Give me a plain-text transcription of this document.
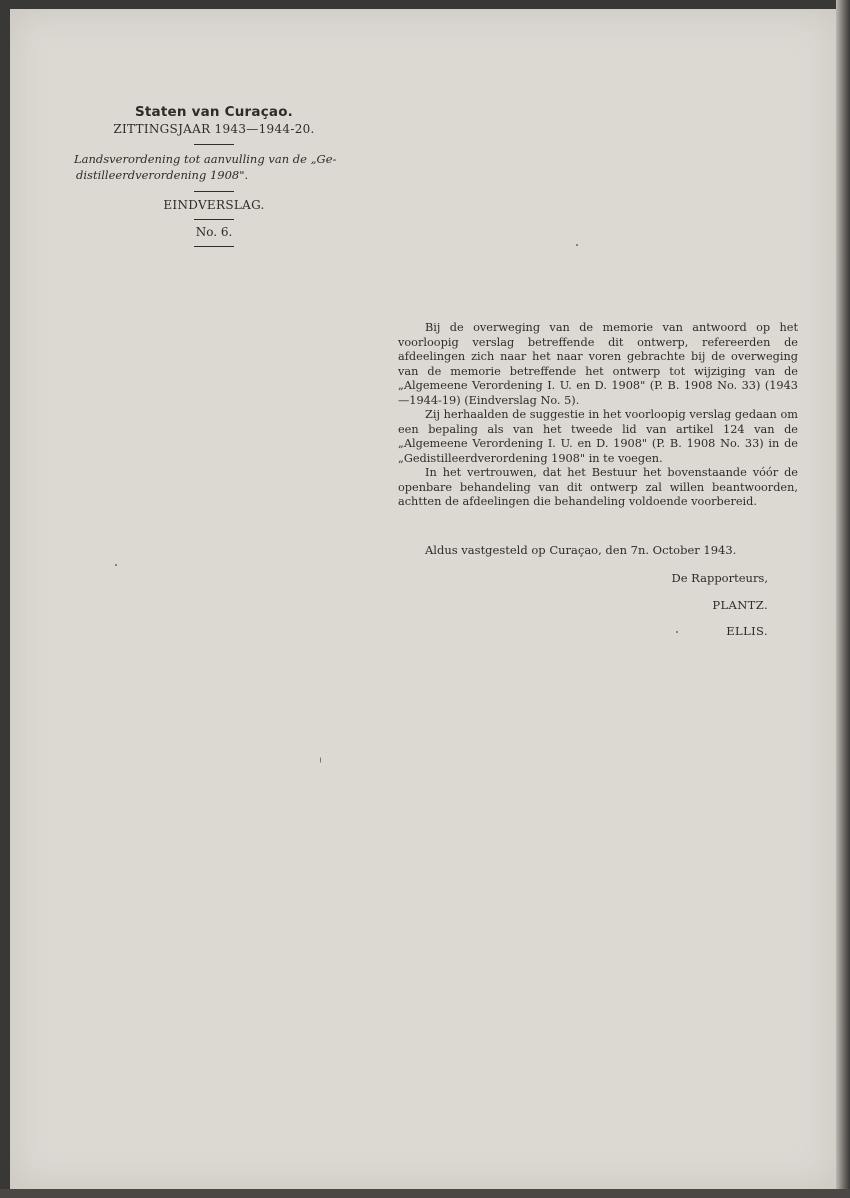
Staten van Curaçao.
ZITTINGSJAAR 1943—1944-20.
Landsverordening tot aanvulling van de „Ge-
distilleerdverordening 1908".
EINDVERSLAG.
No. 6.

Bij de overweging van de memorie van antwoord op het voorloopig verslag betreffende dit ontwerp, refereerden de afdeelingen zich naar het naar voren gebrachte bij de overweging van de memorie betreffende het ontwerp tot wijziging van de „Algemeene Verordening I. U. en D. 1908" (P. B. 1908 No. 33) (1943—1944-19) (Eindverslag No. 5).

Zij herhaalden de suggestie in het voorloopig verslag gedaan om een bepaling als van het tweede lid van artikel 124 van de „Algemeene Verordening I. U. en D. 1908" (P. B. 1908 No. 33) in de „Gedistilleerdverordening 1908" in te voegen.

In het vertrouwen, dat het Bestuur het bovenstaande vóór de openbare behandeling van dit ontwerp zal willen beantwoorden, achtten de afdeelingen die behandeling voldoende voorbereid.

Aldus vastgesteld op Curaçao, den 7n. October 1943.
De Rapporteurs,
PLANTZ.
ELLIS.
